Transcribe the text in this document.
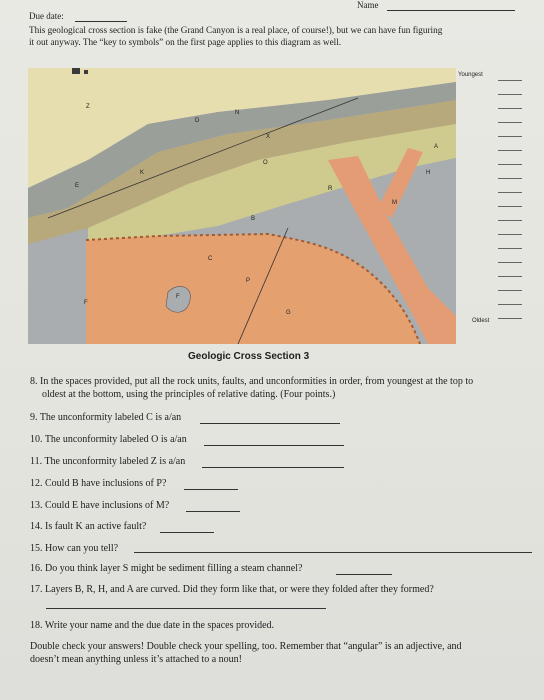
Due date:
Name
This geological cross section is fake (the Grand Canyon is a real place, of course!), but we can have fun figuring
it out anyway. The “key to symbols” on the first page applies to this diagram as well.
Z
D
N
X
O
E
K
B
R
M
H
A
C
P
F
F
G
Youngest
Oldest
Geologic Cross Section 3
8. In the spaces provided, put all the rock units, faults, and unconformities in order, from youngest at the top to
oldest at the bottom, using the principles of relative dating. (Four points.)
9. The unconformity labeled C is a/an
10. The unconformity labeled O is a/an
11. The unconformity labeled Z is a/an
12. Could B have inclusions of P?
13. Could E have inclusions of M?
14. Is fault K an active fault?
15. How can you tell?
16. Do you think layer S might be sediment filling a steam channel?
17. Layers B, R, H, and A are curved. Did they form like that, or were they folded after they formed?
18. Write your name and the due date in the spaces provided.
Double check your answers! Double check your spelling, too. Remember that “angular” is an adjective, and
doesn’t mean anything unless it’s attached to a noun!
